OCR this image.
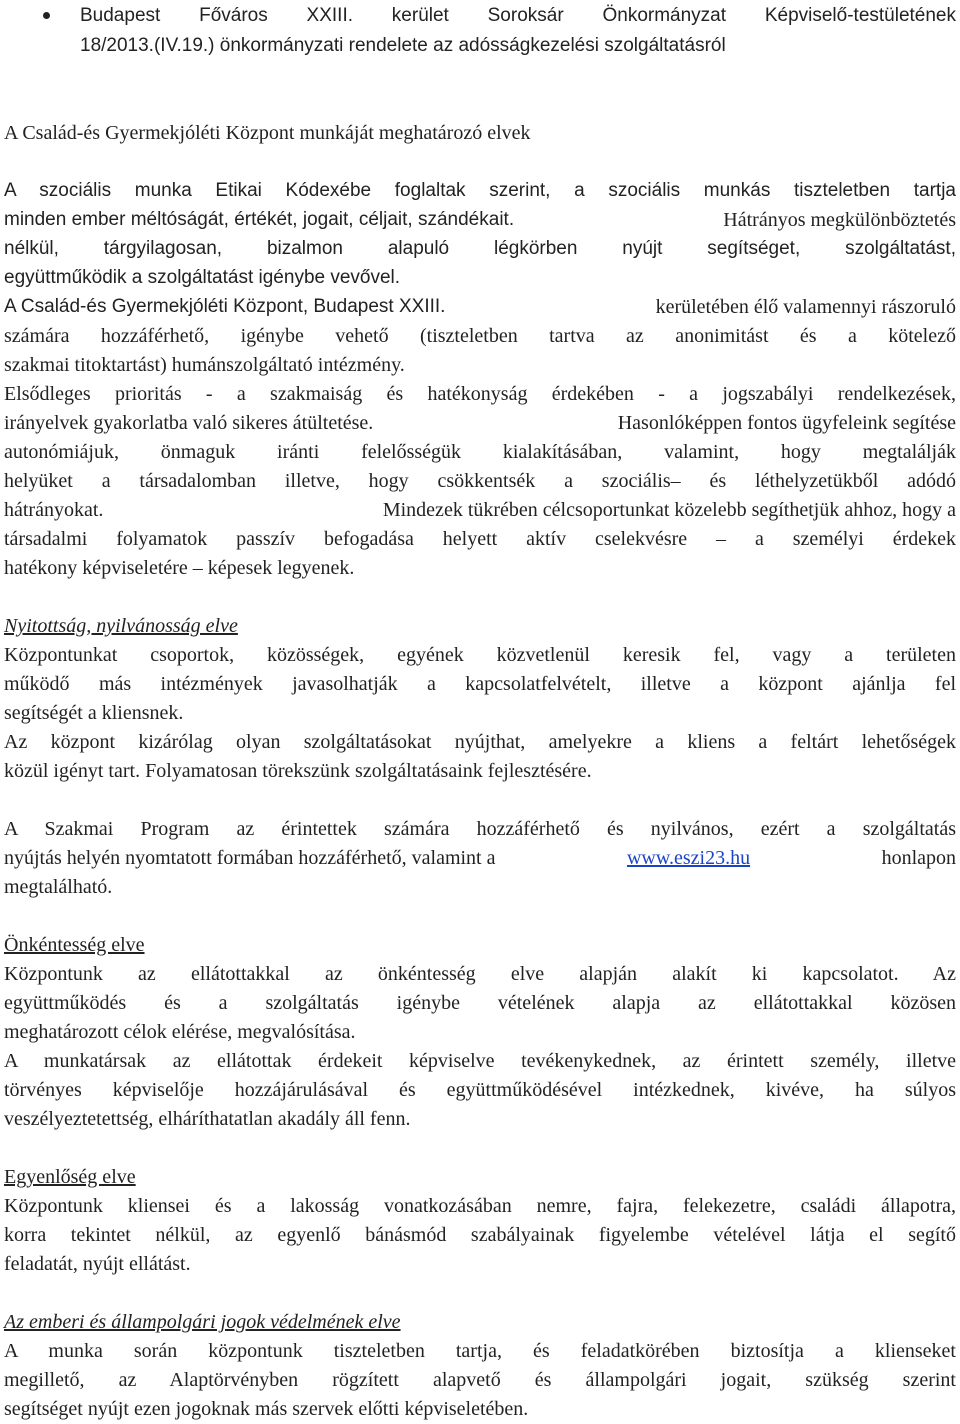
Budapest Főváros XXIII. kerület Soroksár Önkormányzat Képviselő-testületének

18/2013.(IV.19.) önkormányzati rendelete az adósságkezelési szolgáltatásról

A Család-és Gyermekjóléti Központ munkáját meghatározó elvek

A szociális munka Etikai Kódexébe foglaltak szerint, a szociális munkás tiszteletben tartja

minden ember méltóságát, értékét, jogait, céljait, szándékait.	Hátrányos megkülönböztetés

nélkül, tárgyilagosan, bizalmon alapuló légkörben nyújt segítséget, szolgáltatást,

együttműködik a szolgáltatást igénybe vevővel.

A Család-és Gyermekjóléti Központ, Budapest XXIII.	kerületében élő valamennyi rászoruló

számára hozzáférhető, igénybe vehető (tiszteletben tartva az anonimitást és a kötelező

szakmai titoktartást) humánszolgáltató intézmény.

Elsődleges prioritás - a szakmaiság és hatékonyság érdekében - a jogszabályi rendelkezések,

irányelvek gyakorlatba való sikeres átültetése.	Hasonlóképpen fontos ügyfeleink segítése

autonómiájuk, önmaguk iránti felelősségük kialakításában, valamint, hogy megtalálják

helyüket a társadalomban illetve, hogy csökkentsék a szociális– és léthelyzetükből adódó

hátrányokat.	Mindezek tükrében célcsoportunkat közelebb segíthetjük ahhoz, hogy a

társadalmi folyamatok passzív befogadása helyett aktív cselekvésre – a személyi érdekek

hatékony képviseletére – képesek legyenek.

Nyitottság, nyilvánosság elve

Központunkat csoportok, közösségek, egyének közvetlenül keresik fel, vagy a területen

működő más intézmények javasolhatják a kapcsolatfelvételt, illetve a központ ajánlja fel

segítségét a kliensnek.

Az központ kizárólag olyan szolgáltatásokat nyújthat, amelyekre a kliens a feltárt lehetőségek

közül igényt tart. Folyamatosan törekszünk szolgáltatásaink fejlesztésére.

A Szakmai Program az érintettek számára hozzáférhető és nyilvános, ezért a szolgáltatás

nyújtás helyén nyomtatott formában hozzáférhető, valamint a	www.eszi23.hu	honlapon

megtalálható.

Önkéntesség elve

Központunk az ellátottakkal az önkéntesség elve alapján alakít ki kapcsolatot. Az

együttműködés és a szolgáltatás igénybe vételének alapja az ellátottakkal közösen

meghatározott célok elérése, megvalósítása.

A munkatársak az ellátottak érdekeit képviselve tevékenykednek, az érintett személy, illetve

törvényes képviselője hozzájárulásával és együttműködésével intézkednek, kivéve, ha súlyos

veszélyeztetettség, elháríthatatlan akadály áll fenn.

Egyenlőség elve

Központunk kliensei és a lakosság vonatkozásában nemre, fajra, felekezetre, családi állapotra,

korra tekintet nélkül, az egyenlő bánásmód szabályainak figyelembe vételével látja el segítő

feladatát, nyújt ellátást.

Az emberi és állampolgári jogok védelmének elve

A munka során központunk tiszteletben tartja, és feladatkörében biztosítja a klienseket

megillető, az Alaptörvényben rögzített alapvető és állampolgári jogait, szükség szerint

segítséget nyújt ezen jogoknak más szervek előtti képviseletében.
